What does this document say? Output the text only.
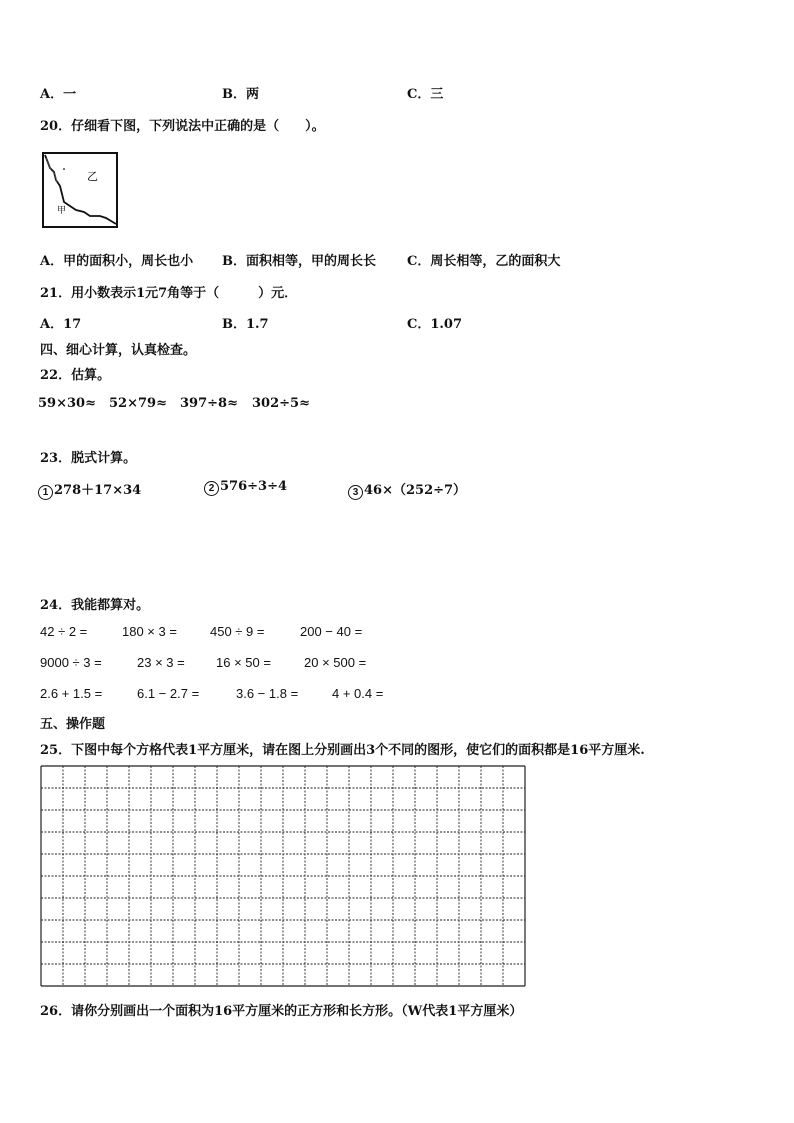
A．一	B．两	C．三
20．仔细看下图，下列说法中正确的是（　　）。
乙
甲
A．甲的面积小，周长也小 B．面积相等，甲的周长长 C．周长相等，乙的面积大
21．用小数表示1元7角等于（　　　）元．
A．17	B．1.7	C．1.07
四、细心计算，认真检查。
22．估算。
59×30≈ 52×79≈ 397÷8≈ 302÷5≈
23．脱式计算。
1 278＋17×34	2 576÷3÷4	3 46×（252÷7）
24．我能都算对。
42 ÷ 2 =	180 × 3 =	450 ÷ 9 =	200 − 40 =
9000 ÷ 3 =	23 × 3 = 16 × 50 =	20 × 500 =
2.6 + 1.5 =	6.1 − 2.7 =	3.6 − 1.8 =	4 + 0.4 =
五、操作题
25．下图中每个方格代表1平方厘米，请在图上分别画出3个不同的图形，使它们的面积都是16平方厘米.
26．请你分别画出一个面积为16平方厘米的正方形和长方形。（W代表1平方厘米）
